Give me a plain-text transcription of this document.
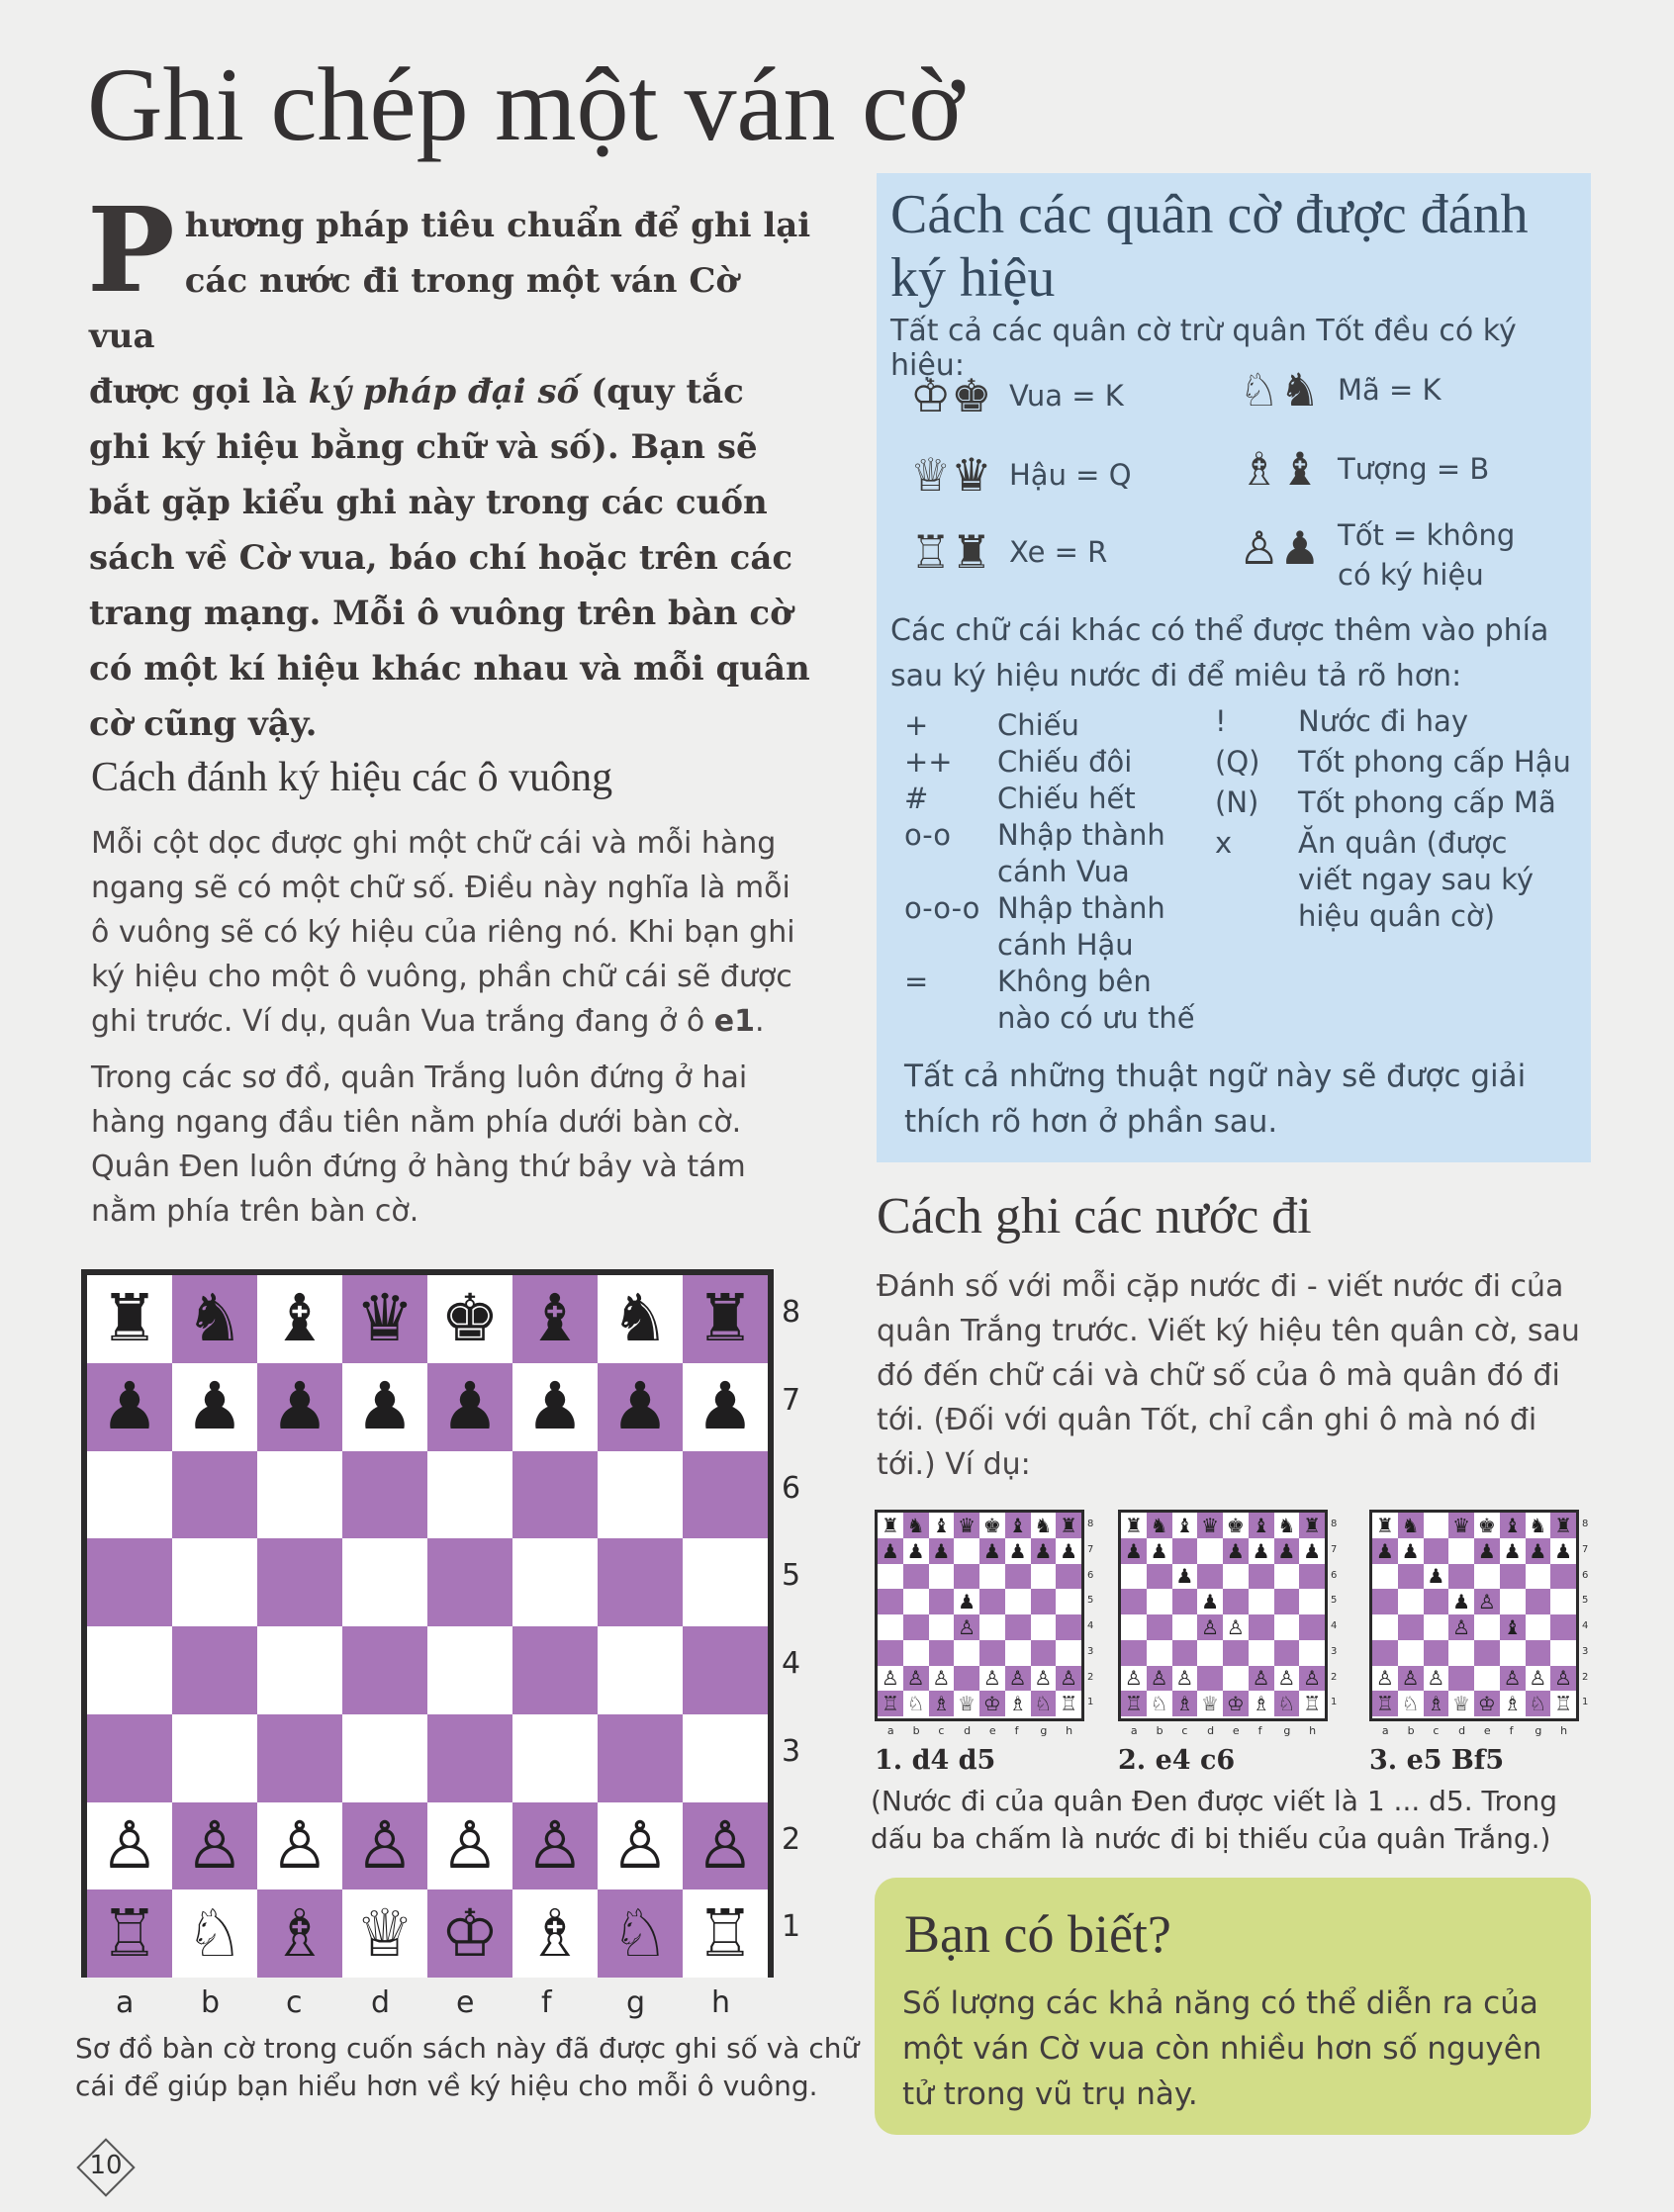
Ghi chép một ván cờ
P hương pháp tiêu chuẩn để ghi lại
các nước đi trong một ván Cờ vua
được gọi là ký pháp đại số (quy tắc ghi ký hiệu bằng chữ và số). Bạn sẽ bắt gặp kiểu ghi này trong các cuốn sách về Cờ vua, báo chí hoặc trên các trang mạng. Mỗi ô vuông trên bàn cờ có một kí hiệu khác nhau và mỗi quân cờ cũng vậy.
Cách đánh ký hiệu các ô vuông

Mỗi cột dọc được ghi một chữ cái và mỗi hàng ngang sẽ có một chữ số. Điều này nghĩa là mỗi ô vuông sẽ có ký hiệu của riêng nó. Khi bạn ghi ký hiệu cho một ô vuông, phần chữ cái sẽ được ghi trước. Ví dụ, quân Vua trắng đang ở ô e1.

Trong các sơ đồ, quân Trắng luôn đứng ở hai hàng ngang đầu tiên nằm phía dưới bàn cờ. Quân Đen luôn đứng ở hàng thứ bảy và tám nằm phía trên bàn cờ.

Cách các quân cờ được đánh ký hiệu
Tất cả các quân cờ trừ quân Tốt đều có ký hiệu:
♔♚ Vua = K
♕♛ Hậu = Q
♖♜ Xe = R
♘♞ Mã = K
♗♝ Tượng = B
♙♟ Tốt = không có ký hiệu
Các chữ cái khác có thể được thêm vào phía sau ký hiệu nước đi để miêu tả rõ hơn:
+	Chiếu
++	Chiếu đôi
#	Chiếu hết
o-o	Nhập thành cánh Vua
o-o-o Nhập thành cánh Hậu
=	Không bên nào có ưu thế
!	Nước đi hay
(Q)	Tốt phong cấp Hậu
(N)	Tốt phong cấp Mã
x	Ăn quân (được viết ngay sau ký hiệu quân cờ)
Tất cả những thuật ngữ này sẽ được giải thích rõ hơn ở phần sau.
♜ ♞ ♝ ♛ ♚ ♝ ♞ ♜
♟ ♟ ♟ ♟ ♟ ♟ ♟ ♟
♙ ♙ ♙ ♙ ♙ ♙ ♙ ♙
♖ ♘ ♗ ♕ ♔ ♗ ♘ ♖
8
7
6
5
4
3
2
1
a b c d e f	g h
Sơ đồ bàn cờ trong cuốn sách này đã được ghi số và chữ cái để giúp bạn hiểu hơn về ký hiệu cho mỗi ô vuông.
Cách ghi các nước đi
Đánh số với mỗi cặp nước đi - viết nước đi của quân Trắng trước. Viết ký hiệu tên quân cờ, sau đó đến chữ cái và chữ số của ô mà quân đó đi tới. (Đối với quân Tốt, chỉ cần ghi ô mà nó đi tới.) Ví dụ:
♜ ♞ ♝ ♛ ♚ ♝ ♞ ♜
♟ ♟ ♟ ♟ ♟ ♟ ♟
♟
♙
♙ ♙ ♙ ♙ ♙ ♙ ♙
♖ ♘ ♗ ♕ ♔ ♗ ♘ ♖
8
7
6
5
4
3
2
1
a b c d e f g h
♜ ♞ ♝ ♛ ♚ ♝ ♞ ♜
♟ ♟	♟ ♟ ♟ ♟
♟
♟
♙ ♙
♙ ♙ ♙	♙ ♙ ♙
♖ ♘ ♗ ♕ ♔ ♗ ♘ ♖
8
7
6
5
4
3
2
1
a b c d e f g h
♜ ♞ ♛ ♚ ♝ ♞ ♜
♟ ♟	♟ ♟ ♟ ♟
♟
♟ ♙
♙ ♝
♙ ♙ ♙	♙ ♙ ♙
♖ ♘ ♗ ♕ ♔ ♗ ♘ ♖
8
7
6
5
4
3
2
1
a b c d e f g h
1. d4 d5	2. e4 c6	3. e5 Bf5
(Nước đi của quân Đen được viết là 1 ... d5. Trong dấu ba chấm là nước đi bị thiếu của quân Trắng.)
Bạn có biết?
Số lượng các khả năng có thể diễn ra của một ván Cờ vua còn nhiều hơn số nguyên tử trong vũ trụ này.
10
